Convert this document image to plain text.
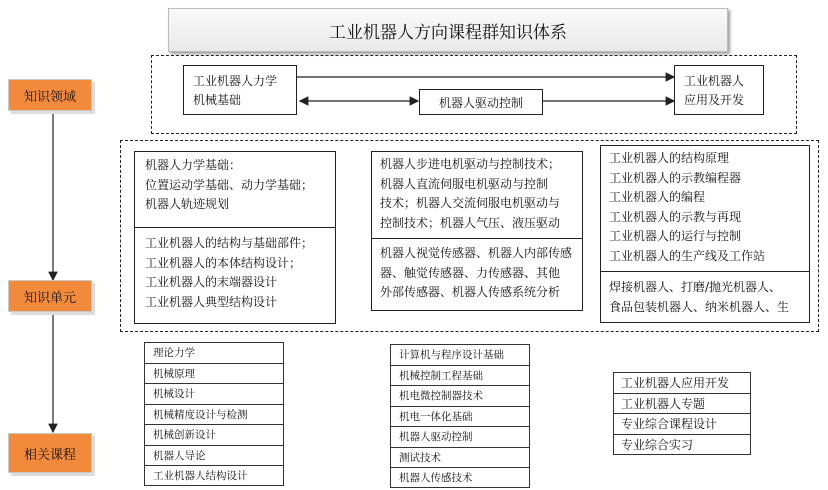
工业机器人方向课程群知识体系
知识领域
知识单元
相关课程
工业机器人力学
机械基础	机器人驱动控制
工业机器人
应用及开发
机器人力学基础：
位置运动学基础、动力学基础；
机器人轨迹规划
工业机器人的结构与基础部件；
工业机器人的本体结构设计；
工业机器人的末端器设计
工业机器人典型结构设计
机器人步进电机驱动与控制技术；
机器人直流伺服电机驱动与控制
技术；机器人交流伺服电机驱动与
控制技术；机器人气压、液压驱动
机器人视觉传感器、机器人内部传感
器、触觉传感器、力传感器、其他
外部传感器、机器人传感系统分析
工业机器人的结构原理
工业机器人的示教编程器
工业机器人的编程
工业机器人的示教与再现
工业机器人的运行与控制
工业机器人的生产线及工作站
焊接机器人、打磨/抛光机器人、
食品包装机器人、纳米机器人、生
理论力学
机械原理
机械设计
机械精度设计与检测
机械创新设计
机器人导论
工业机器人结构设计
计算机与程序设计基础
机械控制工程基础
机电微控制器技术
机电一体化基础
机器人驱动控制
测试技术
机器人传感技术
工业机器人应用开发
工业机器人专题
专业综合课程设计
专业综合实习
